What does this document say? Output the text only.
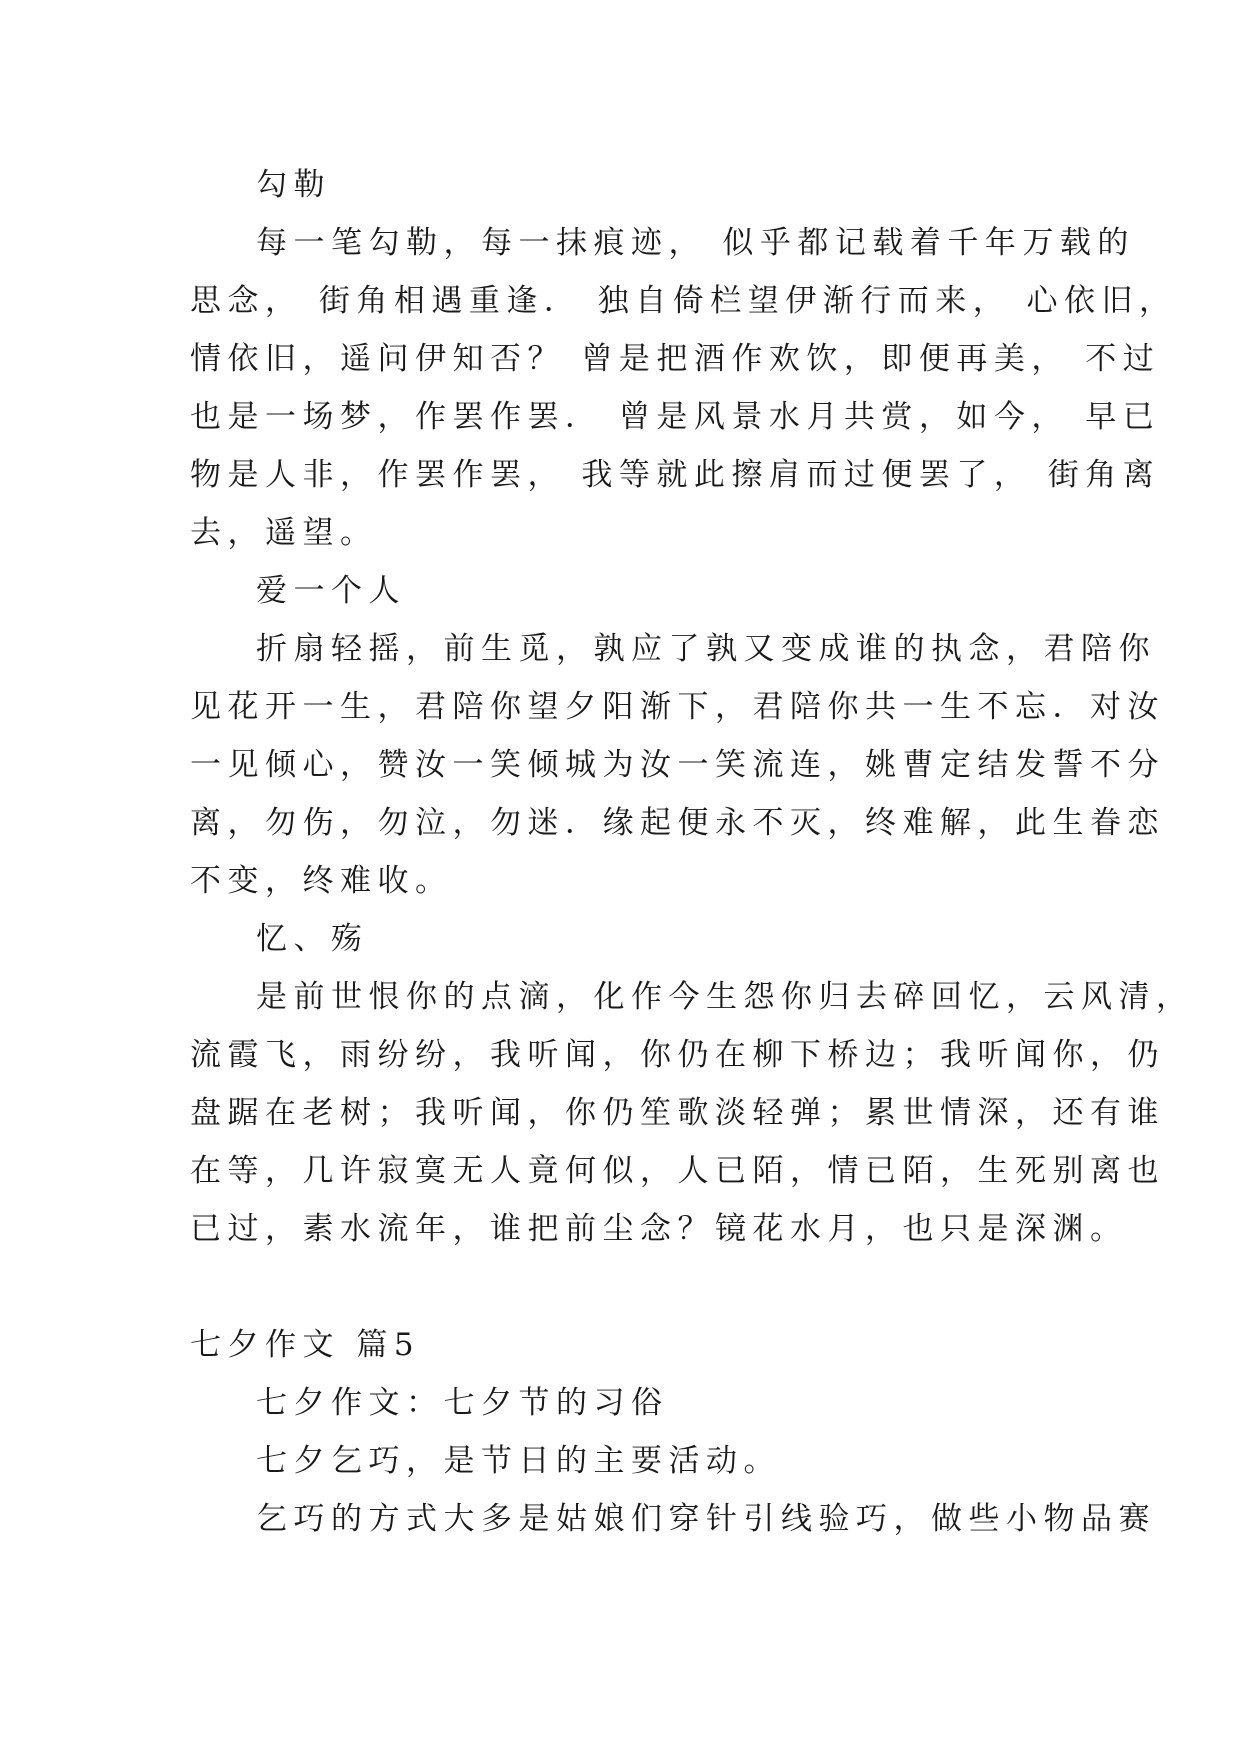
勾勒
每一笔勾勒，每一抹痕迹， 似乎都记载着千年万载的
思念， 街角相遇重逢． 独自倚栏望伊渐行而来， 心依旧，
情依旧，遥问伊知否？ 曾是把酒作欢饮，即便再美， 不过
也是一场梦，作罢作罢． 曾是风景水月共赏，如今， 早已
物是人非，作罢作罢， 我等就此擦肩而过便罢了， 街角离
去，遥望。
爱一个人
折扇轻摇，前生觅，孰应了孰又变成谁的执念，君陪你
见花开一生，君陪你望夕阳渐下，君陪你共一生不忘．对汝
一见倾心，赞汝一笑倾城为汝一笑流连，姚曹定结发誓不分
离，勿伤，勿泣，勿迷．缘起便永不灭，终难解，此生眷恋
不变，终难收。
忆、殇
是前世恨你的点滴，化作今生怨你归去碎回忆，云风清，
流霞飞，雨纷纷，我听闻，你仍在柳下桥边；我听闻你，仍
盘踞在老树；我听闻，你仍笙歌淡轻弹；累世情深，还有谁
在等，几许寂寞无人竟何似，人已陌，情已陌，生死别离也
已过，素水流年，谁把前尘念？镜花水月，也只是深渊。
七夕作文 篇5
七夕作文：七夕节的习俗
七夕乞巧，是节日的主要活动。
乞巧的方式大多是姑娘们穿针引线验巧，做些小物品赛
